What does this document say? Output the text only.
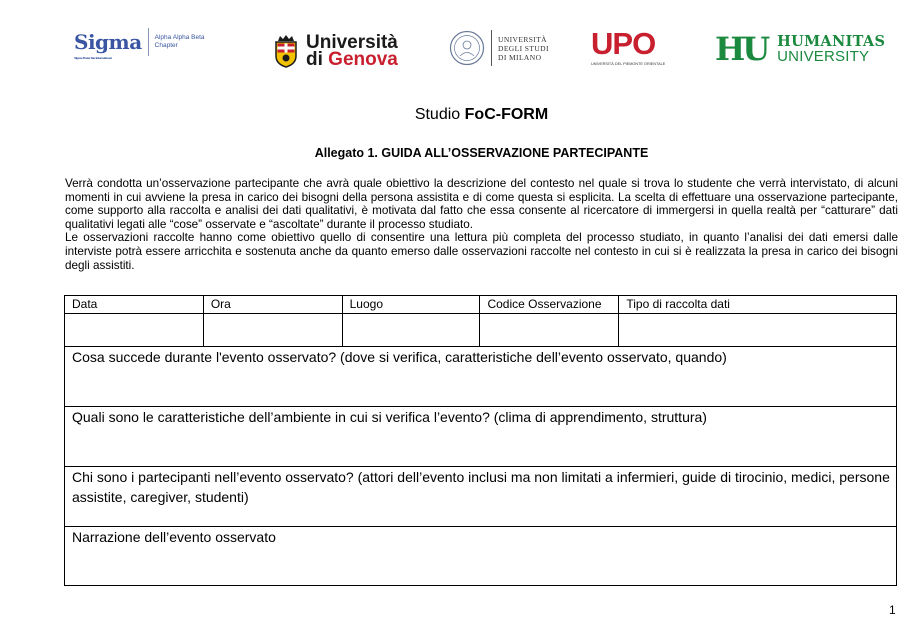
Sigma
Sigma Theta Tau International
Alpha Alpha Beta
Chapter	Università
di Genova
UNIVERSITÀ
DEGLI STUDI
DI MILANO UPO
UNIVERSITÀ DEL PIEMONTE ORIENTALE HU HUMANITAS
UNIVERSITY
Studio FoC-FORM
Allegato 1. GUIDA ALL’OSSERVAZIONE PARTECIPANTE

Verrà condotta un’osservazione partecipante che avrà quale obiettivo la descrizione del contesto nel quale si trova lo studente che verrà intervistato, di alcuni momenti in cui avviene la presa in carico dei bisogni della persona assistita e di come questa si esplicita. La scelta di effettuare una osservazione partecipante, come supporto alla raccolta e analisi dei dati qualitativi, è motivata dal fatto che essa consente al ricercatore di immergersi in quella realtà per “catturare” dati qualitativi legati alle “cose” osservate e “ascoltate” durante il processo studiato.

Le osservazioni raccolte hanno come obiettivo quello di consentire una lettura più completa del processo studiato, in quanto l’analisi dei dati emersi dalle interviste potrà essere arricchita e sostenuta anche da quanto emerso dalle osservazioni raccolte nel contesto in cui si è realizzata la presa in carico dei bisogni degli assistiti.

Data	Ora	Luogo	Codice Osservazione	Tipo di raccolta dati

Cosa succede durante l'evento osservato? (dove si verifica, caratteristiche dell’evento osservato, quando)				
Quali sono le caratteristiche dell’ambiente in cui si verifica l’evento? (clima di apprendimento, struttura)				
Chi sono i partecipanti nell’evento osservato? (attori dell’evento inclusi ma non limitati a infermieri, guide di tirocinio, medici, persone assistite, caregiver, studenti)				
Narrazione dell’evento osservato				
1
